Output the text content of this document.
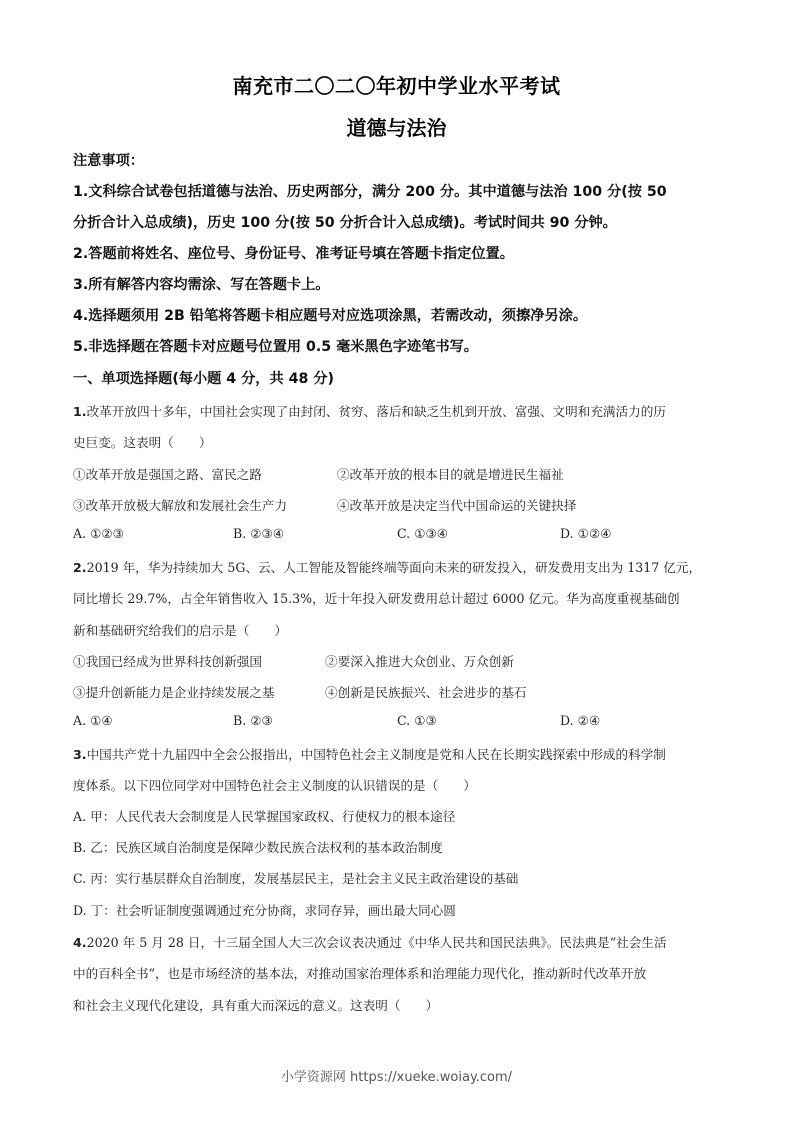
南充市二〇二〇年初中学业水平考试
道德与法治
注意事项：
1.文科综合试卷包括道德与法治、历史两部分，满分 200 分。其中道德与法治 100 分(按 50
分折合计入总成绩)，历史 100 分(按 50 分折合计入总成绩)。考试时间共 90 分钟。
2.答题前将姓名、座位号、身份证号、准考证号填在答题卡指定位置。
3.所有解答内容均需涂、写在答题卡上。
4.选择题须用 2B 铅笔将答题卡相应题号对应选项涂黑，若需改动，须擦净另涂。
5.非选择题在答题卡对应题号位置用 0.5 毫米黑色字迹笔书写。
一、单项选择题(每小题 4 分，共 48 分)
1.改革开放四十多年，中国社会实现了由封闭、贫穷、落后和缺乏生机到开放、富强、文明和充满活力的历
史巨变。这表明（　　）
①改革开放是强国之路、富民之路	②改革开放的根本目的就是增进民生福祉
③改革开放极大解放和发展社会生产力	④改革开放是决定当代中国命运的关键抉择
A. ①②③	B. ②③④	C. ①③④	D. ①②④
2.2019 年，华为持续加大 5G、云、人工智能及智能终端等面向未来的研发投入，研发费用支出为 1317 亿元，
同比增长 29.7%，占全年销售收入 15.3%，近十年投入研发费用总计超过 6000 亿元。华为高度重视基础创
新和基础研究给我们的启示是（　　）
①我国已经成为世界科技创新强国	②要深入推进大众创业、万众创新
③提升创新能力是企业持续发展之基	④创新是民族振兴、社会进步的基石
A. ①④	B. ②③	C. ①③	D. ②④
3.中国共产党十九届四中全会公报指出，中国特色社会主义制度是党和人民在长期实践探索中形成的科学制
度体系。以下四位同学对中国特色社会主义制度的认识错误的是（　　）
A. 甲：人民代表大会制度是人民掌握国家政权、行使权力的根本途径
B. 乙：民族区域自治制度是保障少数民族合法权利的基本政治制度
C. 丙：实行基层群众自治制度，发展基层民主，是社会主义民主政治建设的基础
D. 丁：社会听证制度强调通过充分协商，求同存异，画出最大同心圆
4.2020 年 5 月 28 日，十三届全国人大三次会议表决通过《中华人民共和国民法典》。民法典是“社会生活
中的百科全书”，也是市场经济的基本法，对推动国家治理体系和治理能力现代化，推动新时代改革开放
和社会主义现代化建设，具有重大而深远的意义。这表明（　　）
小学资源网 https://xueke.woiay.com/
